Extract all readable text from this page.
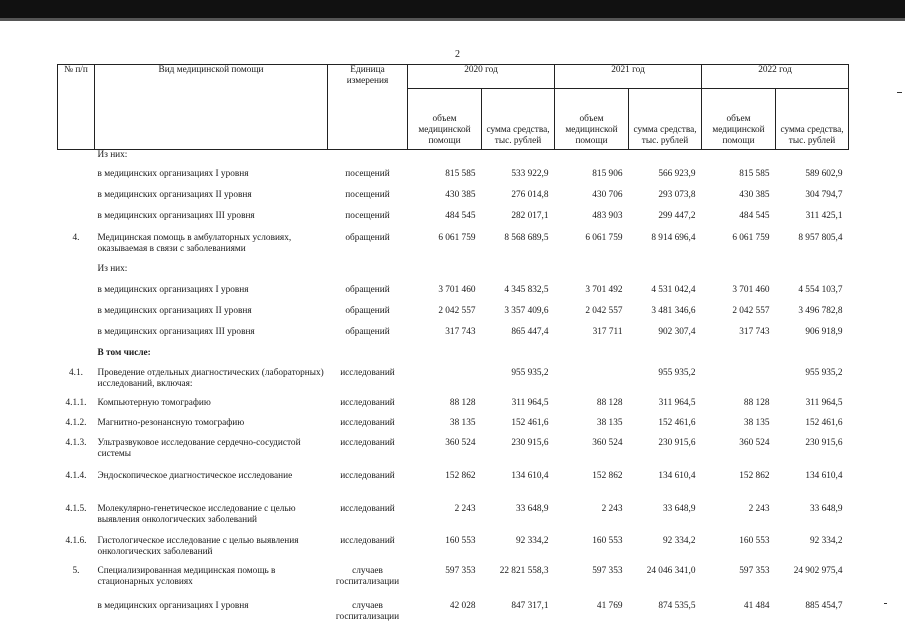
2
№ п/п	Вид медицинской помощи	Единица измерения	2020 год		2021 год		2022 год	
			объем медицинской помощи	сумма средства, тыс. рублей	объем медицинской помощи	сумма средства, тыс. рублей	объем медицинской помощи	сумма средства, тыс. рублей
	Из них:							
	в медицинских организациях I уровня	посещений	815 585	533 922,9	815 906	566 923,9	815 585	589 602,9
	в медицинских организациях II уровня	посещений	430 385	276 014,8	430 706	293 073,8	430 385	304 794,7
	в медицинских организациях III уровня	посещений	484 545	282 017,1	483 903	299 447,2	484 545	311 425,1
4.	Медицинская помощь в амбулаторных условиях, оказываемая в связи с заболеваниями	обращений	6 061 759	8 568 689,5	6 061 759	8 914 696,4	6 061 759	8 957 805,4
	Из них:							
	в медицинских организациях I уровня	обращений	3 701 460	4 345 832,5	3 701 492	4 531 042,4	3 701 460	4 554 103,7
	в медицинских организациях II уровня	обращений	2 042 557	3 357 409,6	2 042 557	3 481 346,6	2 042 557	3 496 782,8
	в медицинских организациях III уровня	обращений	317 743	865 447,4	317 711	902 307,4	317 743	906 918,9
	В том числе:							
4.1.	Проведение отдельных диагностических (лабораторных) исследований, включая:	исследований		955 935,2		955 935,2		955 935,2
4.1.1.	Компьютерную томографию	исследований	88 128	311 964,5	88 128	311 964,5	88 128	311 964,5
4.1.2.	Магнитно-резонансную томографию	исследований	38 135	152 461,6	38 135	152 461,6	38 135	152 461,6
4.1.3.	Ультразвуковое исследование сердечно-сосудистой системы	исследований	360 524	230 915,6	360 524	230 915,6	360 524	230 915,6
4.1.4.	Эндоскопическое диагностическое исследование	исследований	152 862	134 610,4	152 862	134 610,4	152 862	134 610,4
4.1.5.	Молекулярно-генетическое исследование с целью выявления онкологических заболеваний	исследований	2 243	33 648,9	2 243	33 648,9	2 243	33 648,9
4.1.6.	Гистологическое исследование с целью выявления онкологических заболеваний	исследований	160 553	92 334,2	160 553	92 334,2	160 553	92 334,2
5.	Специализированная медицинская помощь в стационарных условиях	случаев госпитализации	597 353	22 821 558,3	597 353	24 046 341,0	597 353	24 902 975,4
	в медицинских организациях I уровня	случаев госпитализации	42 028	847 317,1	41 769	874 535,5	41 484	885 454,7
